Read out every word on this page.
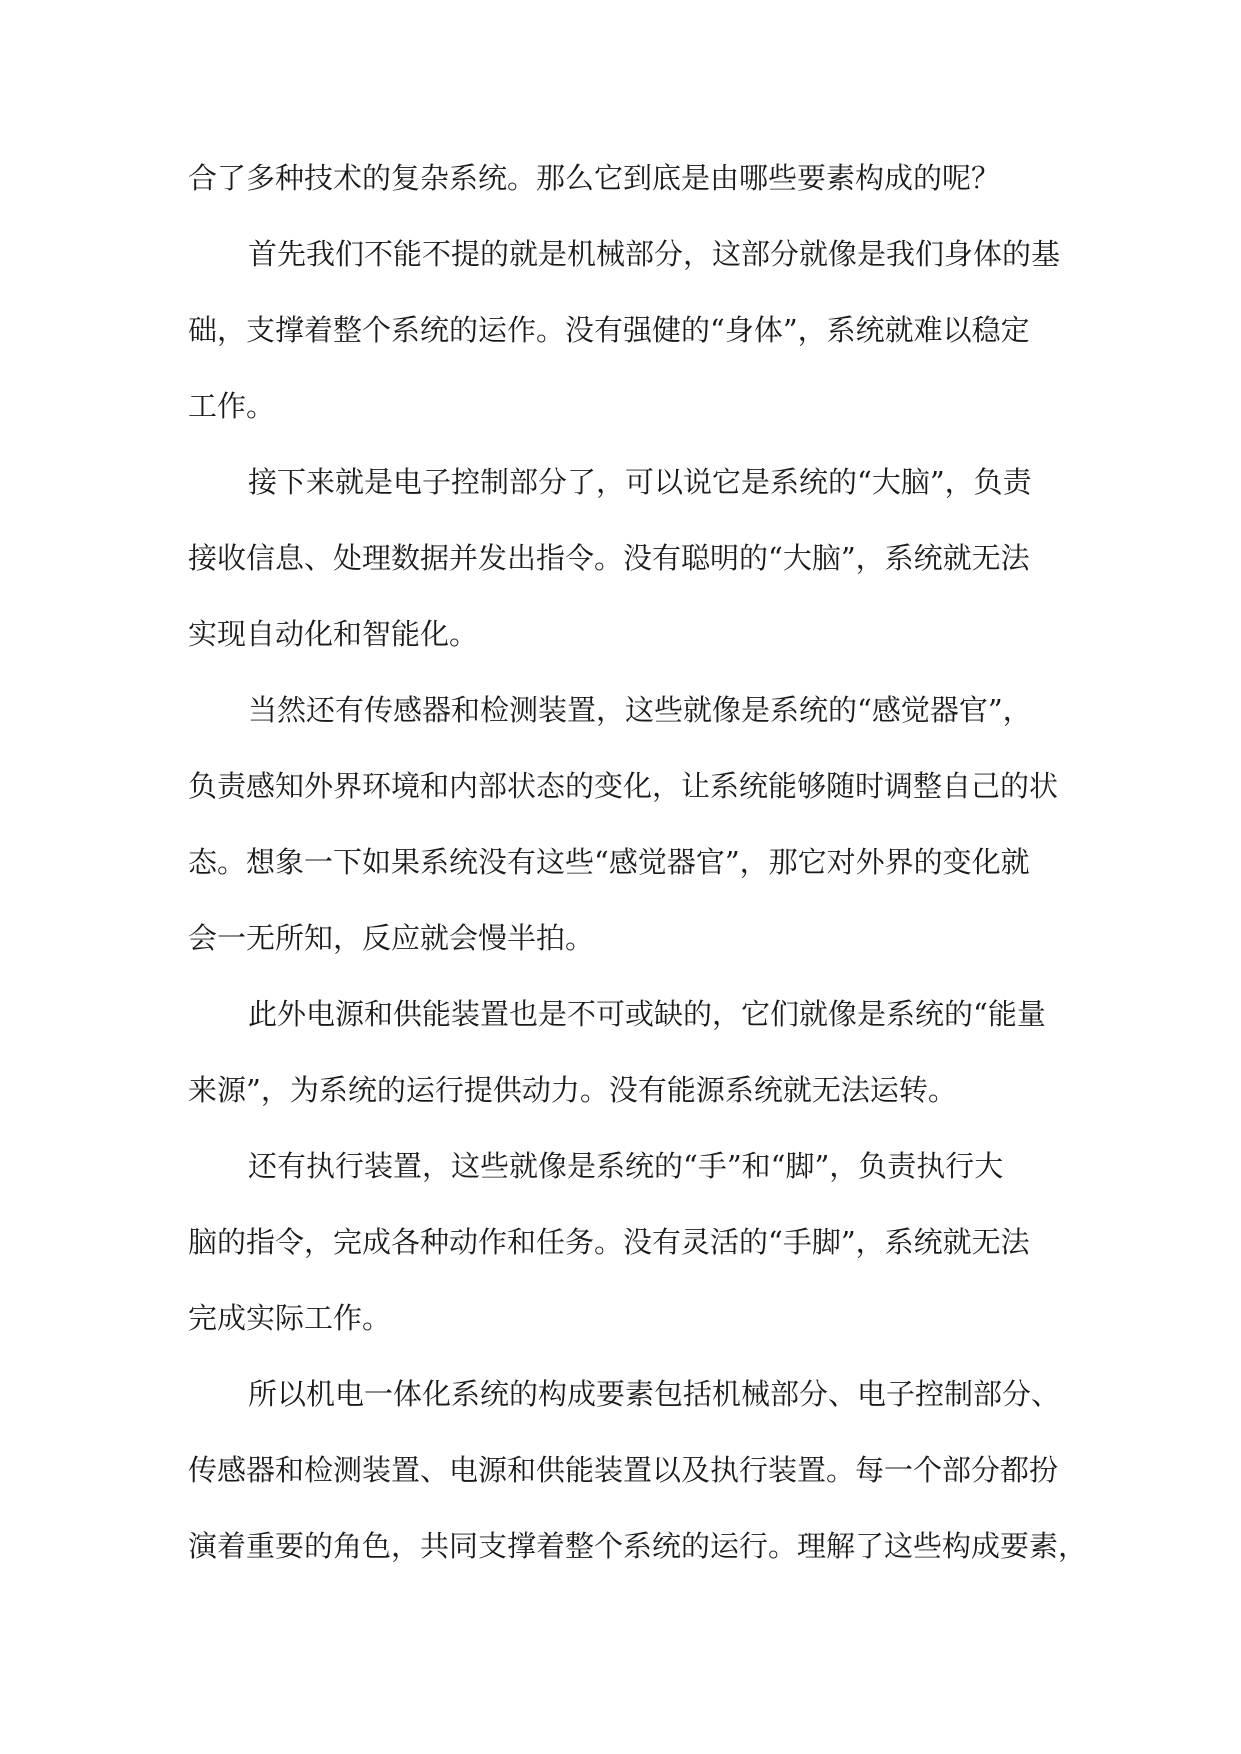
合了多种技术的复杂系统。那么它到底是由哪些要素构成的呢？
首先我们不能不提的就是机械部分，这部分就像是我们身体的基
础，支撑着整个系统的运作。没有强健的“身体”，系统就难以稳定
工作。
接下来就是电子控制部分了，可以说它是系统的“大脑”，负责
接收信息、处理数据并发出指令。没有聪明的“大脑”，系统就无法
实现自动化和智能化。
当然还有传感器和检测装置，这些就像是系统的“感觉器官”，
负责感知外界环境和内部状态的变化，让系统能够随时调整自己的状
态。想象一下如果系统没有这些“感觉器官”，那它对外界的变化就
会一无所知，反应就会慢半拍。
此外电源和供能装置也是不可或缺的，它们就像是系统的“能量
来源”，为系统的运行提供动力。没有能源系统就无法运转。
还有执行装置，这些就像是系统的“手”和“脚”，负责执行大
脑的指令，完成各种动作和任务。没有灵活的“手脚”，系统就无法
完成实际工作。
所以机电一体化系统的构成要素包括机械部分、电子控制部分、
传感器和检测装置、电源和供能装置以及执行装置。每一个部分都扮
演着重要的角色，共同支撑着整个系统的运行。理解了这些构成要素，
